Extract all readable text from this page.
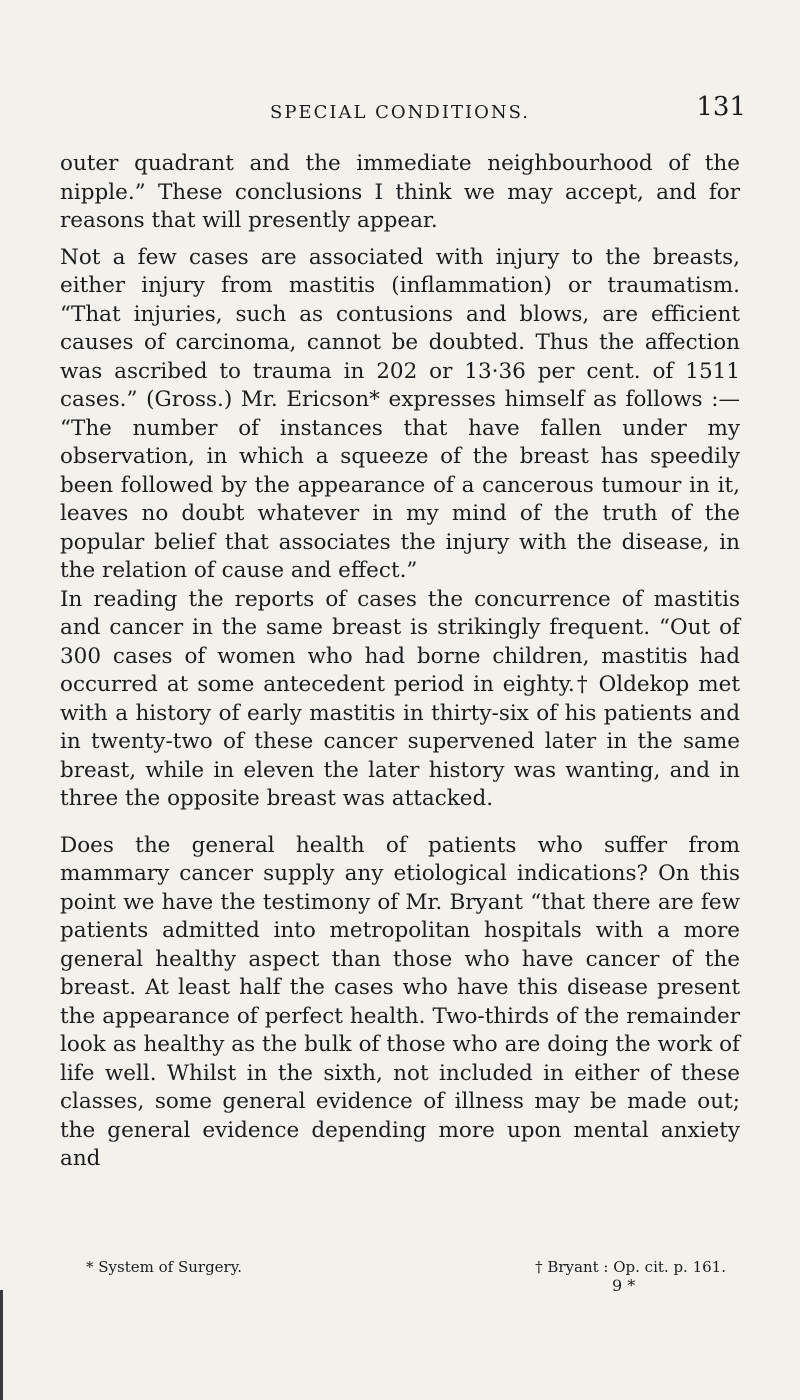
SPECIAL CONDITIONS.	131

outer quadrant and the immediate neighbourhood of the nipple.” These conclusions I think we may accept, and for reasons that will presently appear.

Not a few cases are associated with injury to the breasts, either injury from mastitis (inflammation) or traumatism. “That injuries, such as contusions and blows, are efficient causes of carcinoma, cannot be doubted. Thus the affection was ascribed to trauma in 202 or 13·36 per cent. of 1511 cases.” (Gross.) Mr. Ericson* expresses himself as follows :— “The number of instances that have fallen under my observation, in which a squeeze of the breast has speedily been followed by the appearance of a cancerous tumour in it, leaves no doubt whatever in my mind of the truth of the popular belief that associates the injury with the disease, in the relation of cause and effect.”

In reading the reports of cases the concurrence of mastitis and cancer in the same breast is strikingly frequent. “Out of 300 cases of women who had borne children, mastitis had occurred at some antecedent period in eighty.† Oldekop met with a history of early mastitis in thirty-six of his patients and in twenty-two of these cancer supervened later in the same breast, while in eleven the later history was wanting, and in three the opposite breast was attacked.

Does the general health of patients who suffer from mammary cancer supply any etiological indications? On this point we have the testimony of Mr. Bryant “that there are few patients admitted into metropolitan hospitals with a more general healthy aspect than those who have cancer of the breast. At least half the cases who have this disease present the appearance of perfect health. Two-thirds of the remainder look as healthy as the bulk of those who are doing the work of life well. Whilst in the sixth, not included in either of these classes, some general evidence of illness may be made out; the general evidence depending more upon mental anxiety and

* System of Surgery.	† Bryant : Op. cit. p. 161.
9 *
